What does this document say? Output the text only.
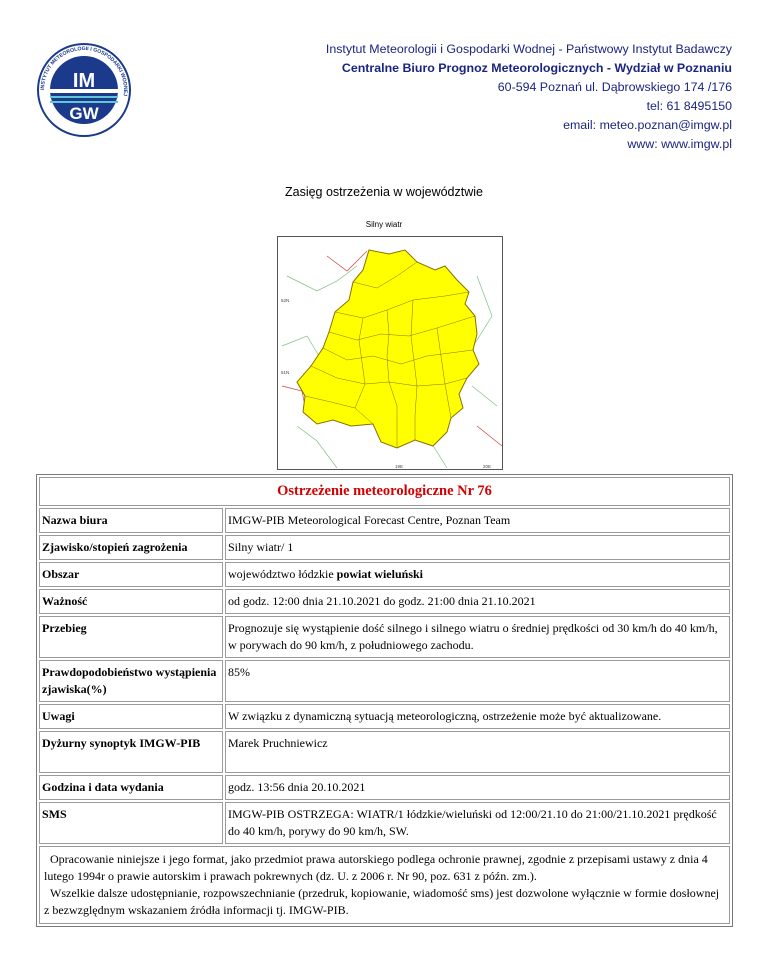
INSTYTUT METEOROLOGII I GOSPODARKI WODNEJ
IM
GW
Instytut Meteorologii i Gospodarki Wodnej - Państwowy Instytut Badawczy
Centralne Biuro Prognoz Meteorologicznych - Wydział w Poznaniu
60-594 Poznań ul. Dąbrowskiego 174 /176
tel: 61 8495150
email: meteo.poznan@imgw.pl
www: www.imgw.pl
Zasięg ostrzeżenia w województwie
Silny wiatr
52N
51N
19E	20E
Ostrzeżenie meteorologiczne Nr 76	
Nazwa biura	IMGW-PIB Meteorological Forecast Centre, Poznan Team
Zjawisko/stopień zagrożenia	Silny wiatr/ 1
Obszar	województwo łódzkie powiat wieluński
Ważność	od godz. 12:00 dnia 21.10.2021 do godz. 21:00 dnia 21.10.2021
Przebieg	Prognozuje się wystąpienie dość silnego i silnego wiatru o średniej prędkości od 30 km/h do 40 km/h, w porywach do 90 km/h, z południowego zachodu.
Prawdopodobieństwo wystąpienia zjawiska(%)	85%
Uwagi	W związku z dynamiczną sytuacją meteorologiczną, ostrzeżenie może być aktualizowane.
Dyżurny synoptyk IMGW-PIB	Marek Pruchniewicz
Godzina i data wydania	godz. 13:56 dnia 20.10.2021
SMS	IMGW-PIB OSTRZEGA: WIATR/1 łódzkie/wieluński od 12:00/21.10 do 21:00/21.10.2021 prędkość do 40 km/h, porywy do 90 km/h, SW.

Opracowanie niniejsze i jego format, jako przedmiot prawa autorskiego podlega ochronie prawnej, zgodnie z przepisami ustawy z dnia 4 lutego 1994r o prawie autorskim i prawach pokrewnych (dz. U. z 2006 r. Nr 90, poz. 631 z późn. zm.).

Wszelkie dalsze udostępnianie, rozpowszechnianie (przedruk, kopiowanie, wiadomość sms) jest dozwolone wyłącznie w formie dosłownej z bezwzględnym wskazaniem źródła informacji tj. IMGW-PIB.	
